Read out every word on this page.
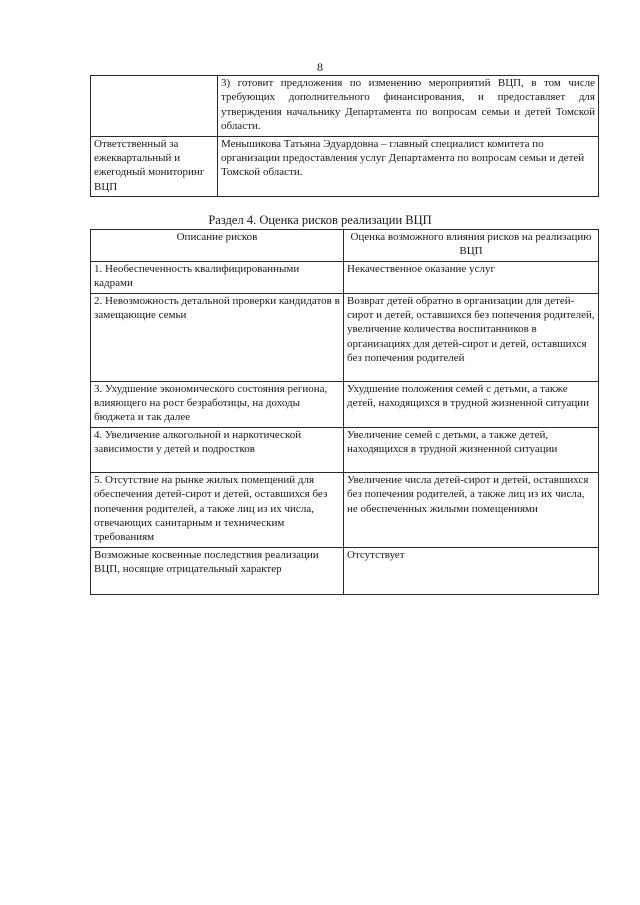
8
	3) готовит предложения по изменению мероприятий ВЦП, в том числе требующих дополнительного финансирования, и предоставляет для утверждения начальнику Департамента по вопросам семьи и детей Томской области.
Ответственный за ежеквартальный и ежегодный мониторинг ВЦП	Меньшикова Татьяна Эдуардовна – главный специалист комитета по организации предоставления услуг Департамента по вопросам семьи и детей Томской области.
Раздел 4. Оценка рисков реализации ВЦП
Описание рисков	Оценка возможного влияния рисков на реализацию ВЦП
1. Необеспеченность квалифицированными кадрами	Некачественное оказание услуг
2. Невозможность детальной проверки кандидатов в замещающие семьи	Возврат детей обратно в организации для детей-сирот и детей, оставшихся без попечения родителей, увеличение количества воспитанников в организациях для детей-сирот и детей, оставшихся без попечения родителей
3. Ухудшение экономического состояния региона, влияющего на рост безработицы, на доходы бюджета и так далее	Ухудшение положения семей с детьми, а также детей, находящихся в трудной жизненной ситуации
4. Увеличение алкогольной и наркотической зависимости у детей и подростков	Увеличение семей с детьми, а также детей, находящихся в трудной жизненной ситуации
5. Отсутствие на рынке жилых помещений для обеспечения детей-сирот и детей, оставшихся без попечения родителей, а также лиц из их числа, отвечающих санитарным и техническим требованиям	Увеличение числа детей-сирот и детей, оставшихся без попечения родителей, а также лиц из их числа, не обеспеченных жилыми помещениями
Возможные косвенные последствия реализации ВЦП, носящие отрицательный характер	Отсутствует
